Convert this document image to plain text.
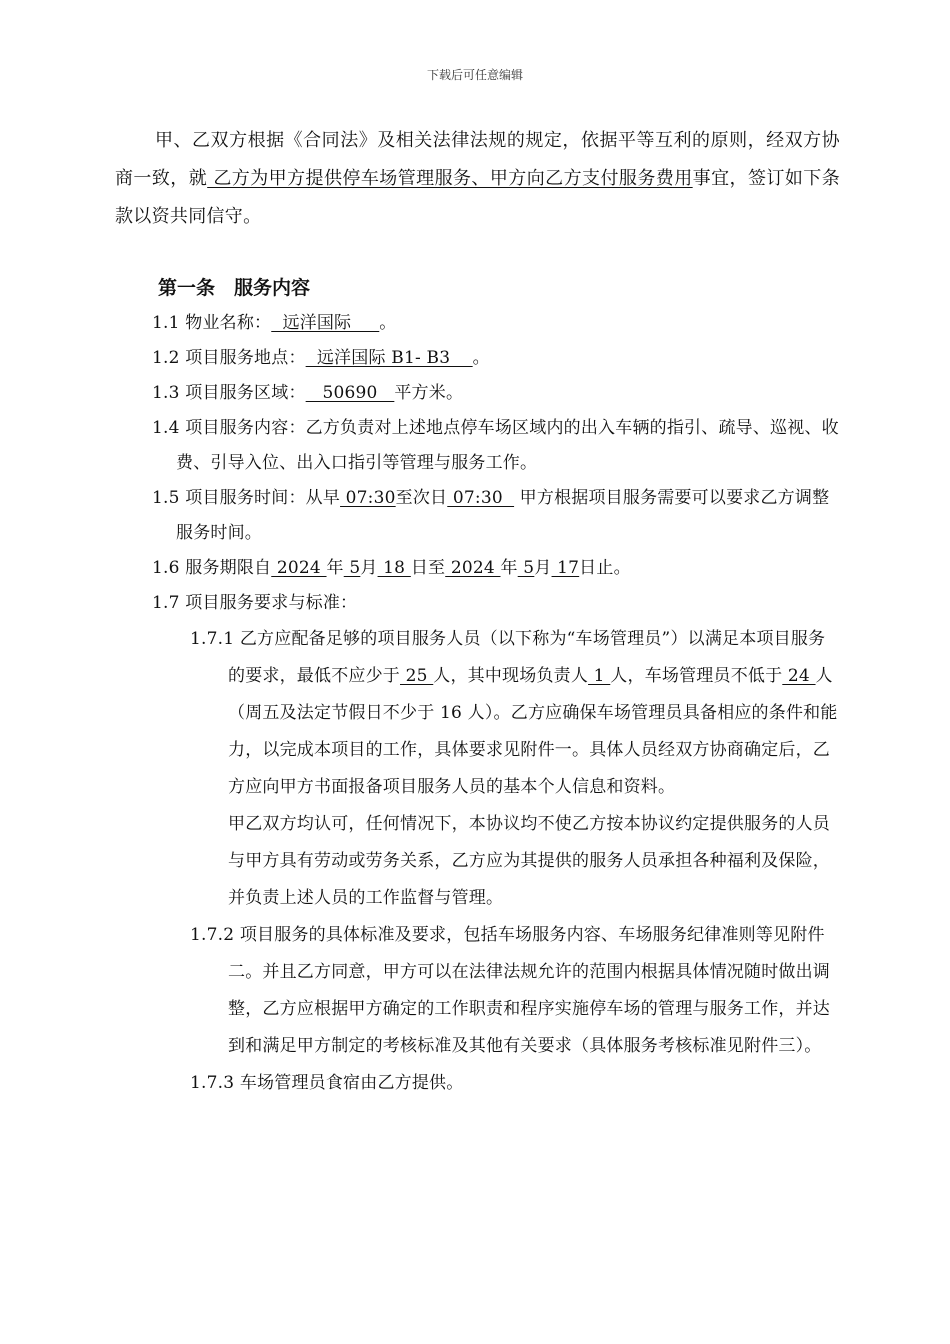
下载后可任意编辑

甲、乙双方根据《合同法》及相关法律法规的规定，依据平等互利的原则，经双方协商一致，就 乙方为甲方提供停车场管理服务、甲方向乙方支付服务费用事宜，签订如下条款以资共同信守。

第一条　服务内容
1.1 物业名称：  远洋国际     。
1.2 项目服务地点：  远洋国际 B1- B3    。
1.3 项目服务区域：   50690   平方米。
1.4 项目服务内容：乙方负责对上述地点停车场区域内的出入车辆的指引、疏导、巡视、收费、引导入位、出入口指引等管理与服务工作。
1.5 项目服务时间：从早 07:30至次日 07:30   甲方根据项目服务需要可以要求乙方调整服务时间。
1.6 服务期限自 2024 年 5月 18 日至 2024 年 5月 17日止。
1.7 项目服务要求与标准：
1.7.1 乙方应配备足够的项目服务人员（以下称为“车场管理员”）以满足本项目服务的要求，最低不应少于 25 人，其中现场负责人 1 人，车场管理员不低于 24 人（周五及法定节假日不少于 16 人）。乙方应确保车场管理员具备相应的条件和能力，以完成本项目的工作，具体要求见附件一。具体人员经双方协商确定后，乙方应向甲方书面报备项目服务人员的基本个人信息和资料。
甲乙双方均认可，任何情况下，本协议均不使乙方按本协议约定提供服务的人员与甲方具有劳动或劳务关系，乙方应为其提供的服务人员承担各种福利及保险，并负责上述人员的工作监督与管理。
1.7.2 项目服务的具体标准及要求，包括车场服务内容、车场服务纪律准则等见附件二。并且乙方同意，甲方可以在法律法规允许的范围内根据具体情况随时做出调整，乙方应根据甲方确定的工作职责和程序实施停车场的管理与服务工作，并达到和满足甲方制定的考核标准及其他有关要求（具体服务考核标准见附件三）。
1.7.3 车场管理员食宿由乙方提供。
